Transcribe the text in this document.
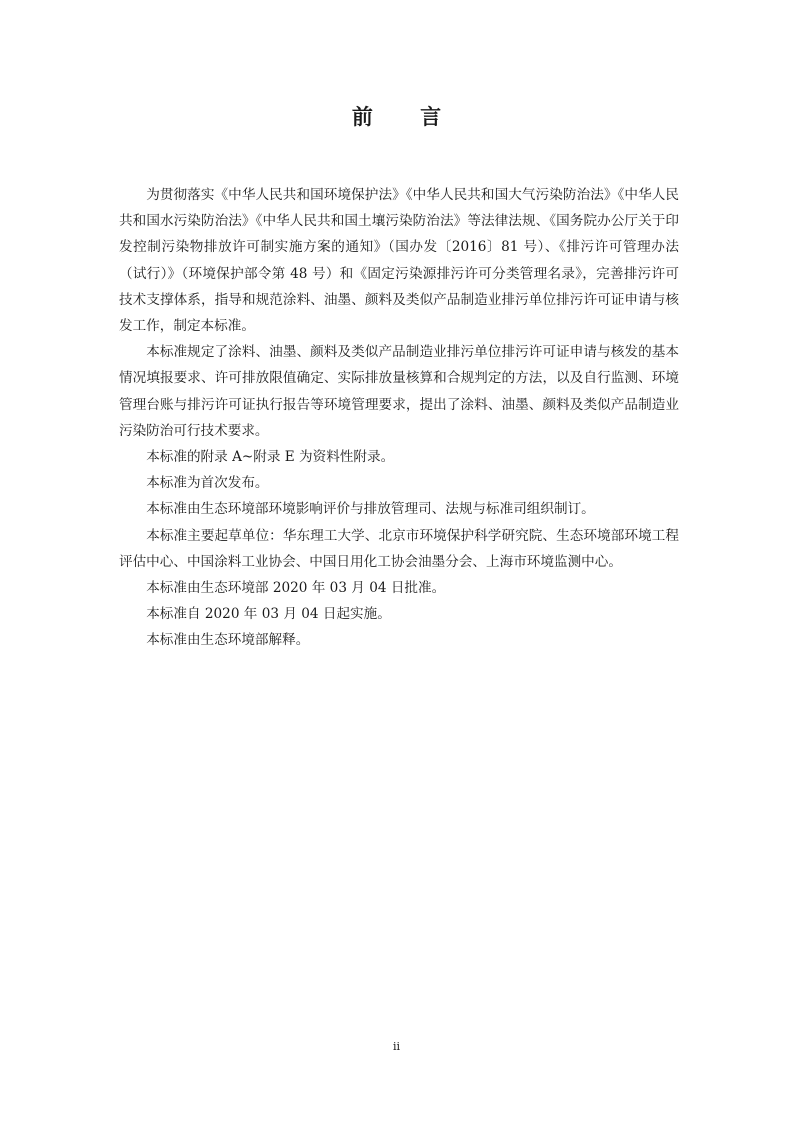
前 言

为贯彻落实《中华人民共和国环境保护法》《中华人民共和国大气污染防治法》《中华人民共和国水污染防治法》《中华人民共和国土壤污染防治法》等法律法规、《国务院办公厅关于印发控制污染物排放许可制实施方案的通知》（国办发〔2016〕81 号）、《排污许可管理办法（试行）》（环境保护部令第 48 号）和《固定污染源排污许可分类管理名录》，完善排污许可技术支撑体系，指导和规范涂料、油墨、颜料及类似产品制造业排污单位排污许可证申请与核发工作，制定本标准。

本标准规定了涂料、油墨、颜料及类似产品制造业排污单位排污许可证申请与核发的基本情况填报要求、许可排放限值确定、实际排放量核算和合规判定的方法，以及自行监测、环境管理台账与排污许可证执行报告等环境管理要求，提出了涂料、油墨、颜料及类似产品制造业污染防治可行技术要求。

本标准的附录 A~附录 E 为资料性附录。

本标准为首次发布。

本标准由生态环境部环境影响评价与排放管理司、法规与标准司组织制订。

本标准主要起草单位：华东理工大学、北京市环境保护科学研究院、生态环境部环境工程评估中心、中国涂料工业协会、中国日用化工协会油墨分会、上海市环境监测中心。

本标准由生态环境部 2020 年 03 月 04 日批准。

本标准自 2020 年 03 月 04 日起实施。

本标准由生态环境部解释。

ii
